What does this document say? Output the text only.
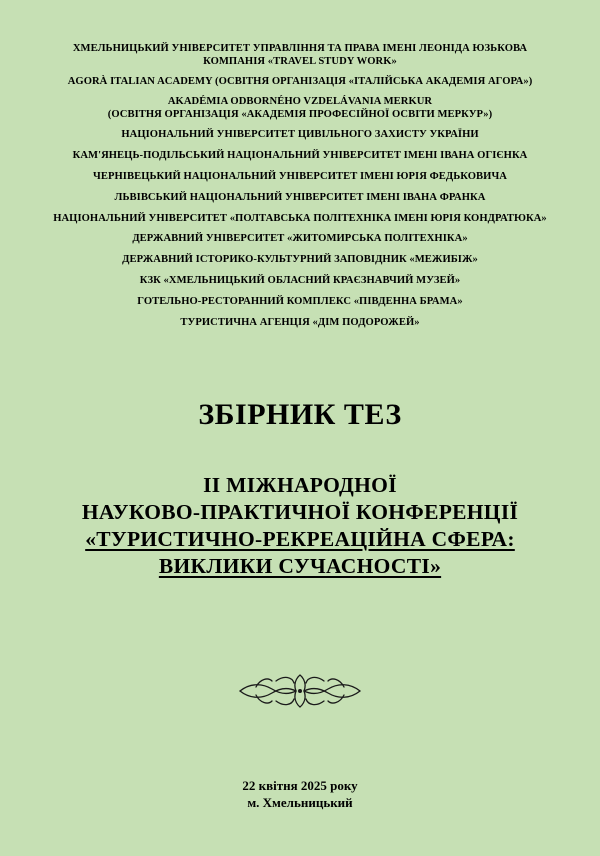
ХМЕЛЬНИЦЬКИЙ УНІВЕРСИТЕТ УПРАВЛІННЯ ТА ПРАВА ІМЕНІ ЛЕОНІДА ЮЗЬКОВА
КОМПАНІЯ «TRAVEL STUDY WORK»
AGORÀ ITALIAN ACADEMY (ОСВІТНЯ ОРГАНІЗАЦІЯ «ІТАЛІЙСЬКА АКАДЕМІЯ АГОРА»)
AKADÉMIA ODBORNÉHO VZDELÁVANIA MERKUR
(ОСВІТНЯ ОРГАНІЗАЦІЯ «АКАДЕМІЯ ПРОФЕСІЙНОЇ ОСВІТИ МЕРКУР»)
НАЦІОНАЛЬНИЙ УНІВЕРСИТЕТ ЦИВІЛЬНОГО ЗАХИСТУ УКРАЇНИ
КАМ'ЯНЕЦЬ-ПОДІЛЬСЬКИЙ НАЦІОНАЛЬНИЙ УНІВЕРСИТЕТ ІМЕНІ ІВАНА ОГІЄНКА
ЧЕРНІВЕЦЬКИЙ НАЦІОНАЛЬНИЙ УНІВЕРСИТЕТ ІМЕНІ ЮРІЯ ФЕДЬКОВИЧА
ЛЬВІВСЬКИЙ НАЦІОНАЛЬНИЙ УНІВЕРСИТЕТ ІМЕНІ ІВАНА ФРАНКА
НАЦІОНАЛЬНИЙ УНІВЕРСИТЕТ «ПОЛТАВСЬКА ПОЛІТЕХНІКА ІМЕНІ ЮРІЯ КОНДРАТЮКА»
ДЕРЖАВНИЙ УНІВЕРСИТЕТ «ЖИТОМИРСЬКА ПОЛІТЕХНІКА»
ДЕРЖАВНИЙ ІСТОРИКО-КУЛЬТУРНИЙ ЗАПОВІДНИК «МЕЖИБІЖ»
КЗК «ХМЕЛЬНИЦЬКИЙ ОБЛАСНИЙ КРАЄЗНАВЧИЙ МУЗЕЙ»
ГОТЕЛЬНО-РЕСТОРАННИЙ КОМПЛЕКС «ПІВДЕННА БРАМА»
ТУРИСТИЧНА АГЕНЦІЯ «ДІМ ПОДОРОЖЕЙ»
ЗБІРНИК ТЕЗ
ІІ МІЖНАРОДНОЇ
НАУКОВО-ПРАКТИЧНОЇ КОНФЕРЕНЦІЇ
«ТУРИСТИЧНО-РЕКРЕАЦІЙНА СФЕРА:
ВИКЛИКИ СУЧАСНОСТІ»
22 квітня 2025 року
м. Хмельницький
